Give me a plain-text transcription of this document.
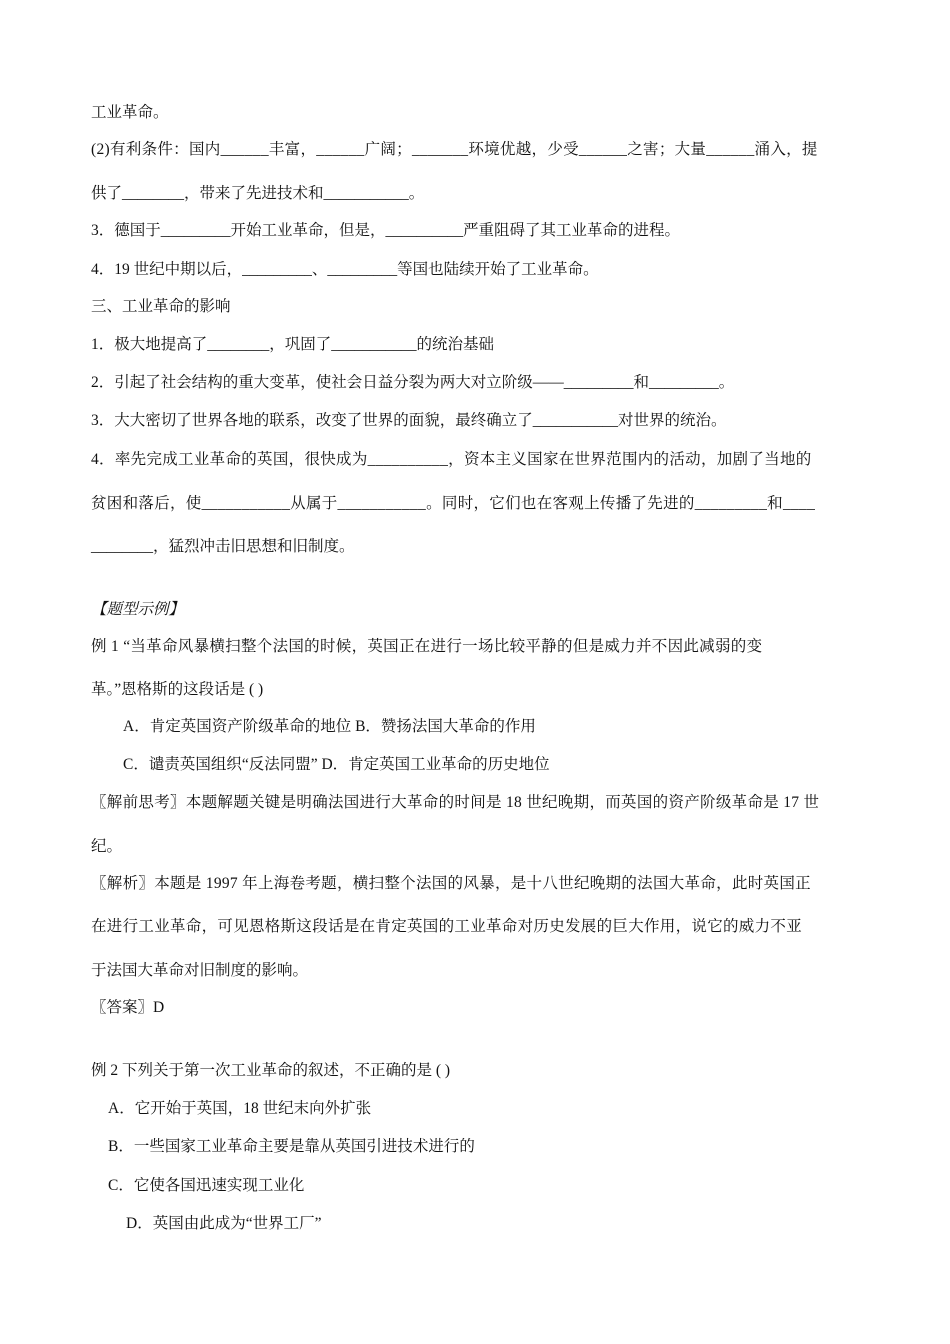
工业革命。
(2)有利条件：国内______丰富，______广阔；_______环境优越，少受______之害；大量______涌入，提
供了________，带来了先进技术和___________。
3．德国于_________开始工业革命，但是，__________严重阻碍了其工业革命的进程。
4．19 世纪中期以后，_________、_________等国也陆续开始了工业革命。
三、工业革命的影响
1．极大地提高了________，巩固了___________的统治基础
2．引起了社会结构的重大变革，使社会日益分裂为两大对立阶级——_________和_________。
3．大大密切了世界各地的联系，改变了世界的面貌，最终确立了___________对世界的统治。
4．率先完成工业革命的英国，很快成为__________，资本主义国家在世界范围内的活动，加剧了当地的
贫困和落后，使___________从属于___________。同时，它们也在客观上传播了先进的_________和____
________，猛烈冲击旧思想和旧制度。
【题型示例】
例 1 “当革命风暴横扫整个法国的时候，英国正在进行一场比较平静的但是威力并不因此减弱的变
革。”恩格斯的这段话是 ( )
A．肯定英国资产阶级革命的地位 B．赞扬法国大革命的作用
C．谴责英国组织“反法同盟” D．肯定英国工业革命的历史地位
〖解前思考〗本题解题关键是明确法国进行大革命的时间是 18 世纪晚期，而英国的资产阶级革命是 17 世
纪。
〖解析〗本题是 1997 年上海卷考题，横扫整个法国的风暴，是十八世纪晚期的法国大革命，此时英国正
在进行工业革命，可见恩格斯这段话是在肯定英国的工业革命对历史发展的巨大作用，说它的威力不亚
于法国大革命对旧制度的影响。
〖答案〗D
例 2 下列关于第一次工业革命的叙述，不正确的是 ( )
A．它开始于英国，18 世纪末向外扩张
B．一些国家工业革命主要是靠从英国引进技术进行的
C．它使各国迅速实现工业化
D．英国由此成为“世界工厂”
